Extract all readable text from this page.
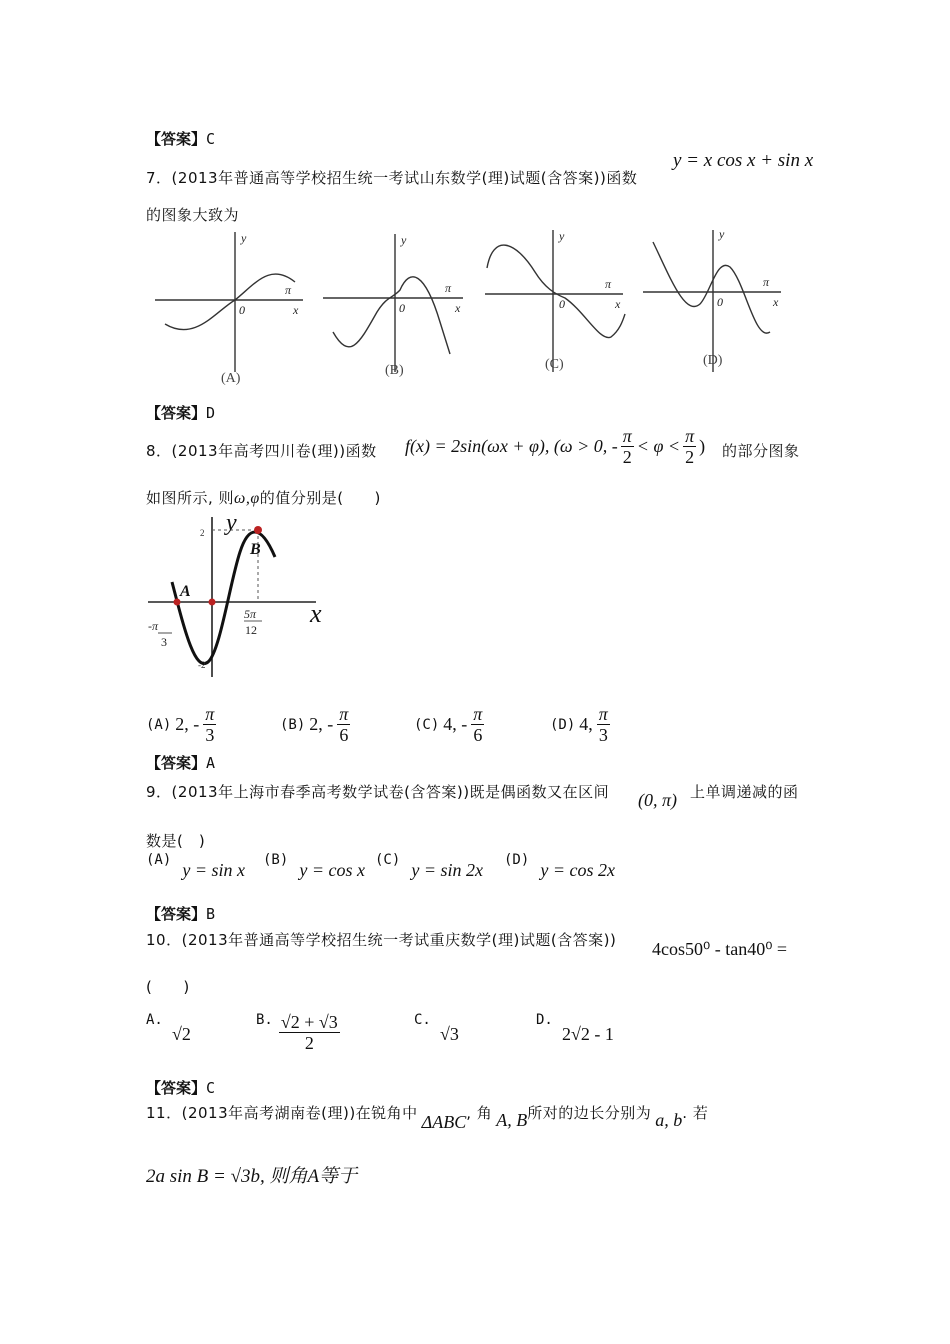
【答案】C
7．(2013年普通高等学校招生统一考试山东数学(理)试题(含答案))函数
y = x cos x + sin x
的图象大致为
y
x
0
π
y
x
0
π
y
x
0
π
y
x
0
π
(A)
(B)	(C)	(D)
【答案】D
8．(2013年高考四川卷(理))函数 f(x) = 2sin(ωx + φ), (ω > 0, - $\frac{\pi}{2} < \varphi < \frac{\pi}{2}$ ) 的部分图象
如图所示, 则ω,φ的值分别是(　　)
y
x
2
-2
A
B
-π
3
5π
12
(A) 2, - $\frac{\pi}{3}$	(B) 2, - $\frac{\pi}{6}$	(C) 4, - $\frac{\pi}{6}$	(D) 4, $\frac{\pi}{3}$
【答案】A
9．(2013年上海市春季高考数学试卷(含答案))既是偶函数又在区间 (0, π) 上单调递减的函
数是(　)
(A) y = sin x (B) y = cos x (C) y = sin 2x (D) y = cos 2x
【答案】B
10．(2013年普通高等学校招生统一考试重庆数学(理)试题(含答案)) 4cos50⁰ - tan40⁰ =
(　　)
A. √2
B. $\frac{√2 + √3}{2}$	C. √3
D. 2√2 - 1
【答案】C
11．(2013年高考湖南卷(理))在锐角中 ΔABC , 角 A, B 所对的边长分别为 a, b . 若
2a sin B = √3b, 则角A等于
